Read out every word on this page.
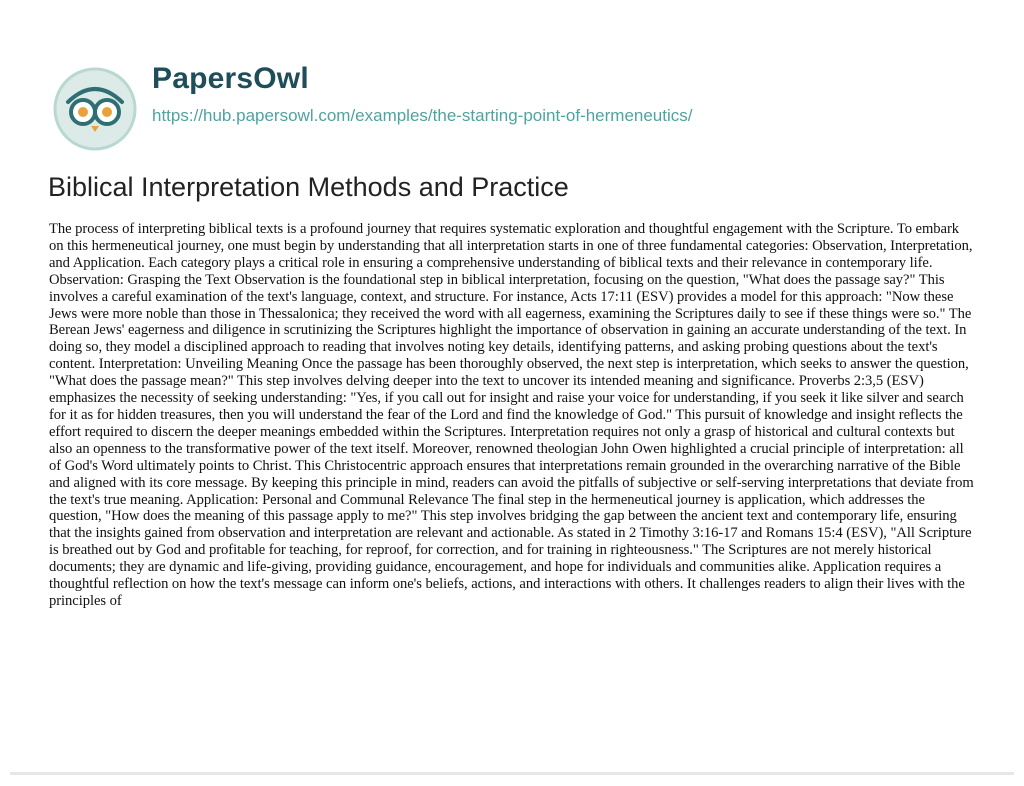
PapersOwl
https://hub.papersowl.com/examples/the-starting-point-of-hermeneutics/
Biblical Interpretation Methods and Practice

The process of interpreting biblical texts is a profound journey that requires systematic exploration and thoughtful engagement with the Scripture. To embark on this hermeneutical journey, one must begin by understanding that all interpretation starts in one of three fundamental categories: Observation, Interpretation, and Application. Each category plays a critical role in ensuring a comprehensive understanding of biblical texts and their relevance in contemporary life. Observation: Grasping the Text Observation is the foundational step in biblical interpretation, focusing on the question, "What does the passage say?" This involves a careful examination of the text's language, context, and structure. For instance, Acts 17:11 (ESV) provides a model for this approach: "Now these Jews were more noble than those in Thessalonica; they received the word with all eagerness, examining the Scriptures daily to see if these things were so." The Berean Jews' eagerness and diligence in scrutinizing the Scriptures highlight the importance of observation in gaining an accurate understanding of the text. In doing so, they model a disciplined approach to reading that involves noting key details, identifying patterns, and asking probing questions about the text's content. Interpretation: Unveiling Meaning Once the passage has been thoroughly observed, the next step is interpretation, which seeks to answer the question, "What does the passage mean?" This step involves delving deeper into the text to uncover its intended meaning and significance. Proverbs 2:3,5 (ESV) emphasizes the necessity of seeking understanding: "Yes, if you call out for insight and raise your voice for understanding, if you seek it like silver and search for it as for hidden treasures, then you will understand the fear of the Lord and find the knowledge of God." This pursuit of knowledge and insight reflects the effort required to discern the deeper meanings embedded within the Scriptures. Interpretation requires not only a grasp of historical and cultural contexts but also an openness to the transformative power of the text itself. Moreover, renowned theologian John Owen highlighted a crucial principle of interpretation: all of God's Word ultimately points to Christ. This Christocentric approach ensures that interpretations remain grounded in the overarching narrative of the Bible and aligned with its core message. By keeping this principle in mind, readers can avoid the pitfalls of subjective or self-serving interpretations that deviate from the text's true meaning. Application: Personal and Communal Relevance The final step in the hermeneutical journey is application, which addresses the question, "How does the meaning of this passage apply to me?" This step involves bridging the gap between the ancient text and contemporary life, ensuring that the insights gained from observation and interpretation are relevant and actionable. As stated in 2 Timothy 3:16-17 and Romans 15:4 (ESV), "All Scripture is breathed out by God and profitable for teaching, for reproof, for correction, and for training in righteousness." The Scriptures are not merely historical documents; they are dynamic and life-giving, providing guidance, encouragement, and hope for individuals and communities alike. Application requires a thoughtful reflection on how the text's message can inform one's beliefs, actions, and interactions with others. It challenges readers to align their lives with the principles of
